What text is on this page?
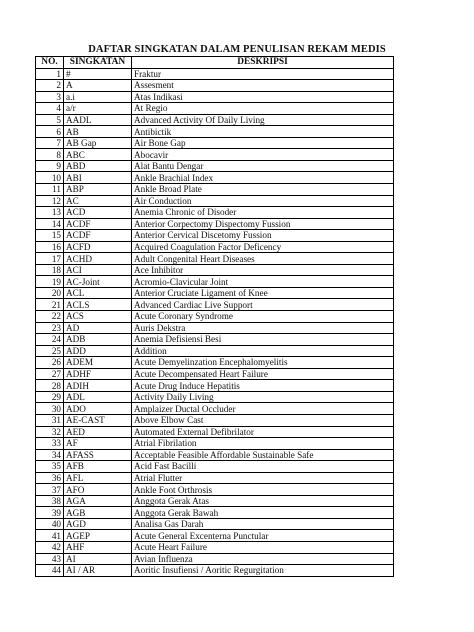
DAFTAR SINGKATAN DALAM PENULISAN REKAM MEDIS
NO.	SINGKATAN	DESKRIPSI
1	#	Fraktur
2	A	Assesment
3	a.i	Atas Indikasi
4	a/r	At Regio
5	AADL	Advanced Activity Of Daily Living
6	AB	Antibictik
7	AB Gap	Air Bone Gap
8	ABC	Abocavir
9	ABD	Alat Bantu Dengar
10	ABI	Ankle Brachial Index
11	ABP	Ankle Broad Plate
12	AC	Air Conduction
13	ACD	Anemia Chronic of Disoder
14	ACDF	Anterior Corpectomy Dispectomy Fussion
15	ACDF	Anterior Cervical Discetomy Fussion
16	ACFD	Acquired Coagulation Factor Deficency
17	ACHD	Adult Congenital Heart Diseases
18	ACI	Ace Inhibitor
19	AC-Joint	Acromio-Clavicular Joint
20	ACL	Anterior Cruciate Ligament of Knee
21	ACLS	Advanced Cardiac Live Support
22	ACS	Acute Coronary Syndrome
23	AD	Auris Dekstra
24	ADB	Anemia Defisiensi Besi
25	ADD	Addition
26	ADEM	Acute Demyelinzation Encephalomyelitis
27	ADHF	Acute Decompensated Heart Failure
28	ADIH	Acute Drug Induce Hepatitis
29	ADL	Activity Daily Living
30	ADO	Amplaizer Ductal Occluder
31	AE-CAST	Above Elbow Cast
32	AED	Automated External Defibrilator
33	AF	Atrial Fibrilation
34	AFASS	Acceptable Feasible Affordable Sustainable Safe
35	AFB	Acid Fast Bacilli
36	AFL	Atrial Flutter
37	AFO	Ankle Foot Orthrosis
38	AGA	Anggota Gerak Atas
39	AGB	Anggota Gerak Bawah
40	AGD	Analisa Gas Darah
41	AGEP	Acute General Excenterna Punctular
42	AHF	Acute Heart Failure
43	AI	Avian Influenza
44	AI / AR	Aoritic Insufiensi / Aoritic Regurgitation
